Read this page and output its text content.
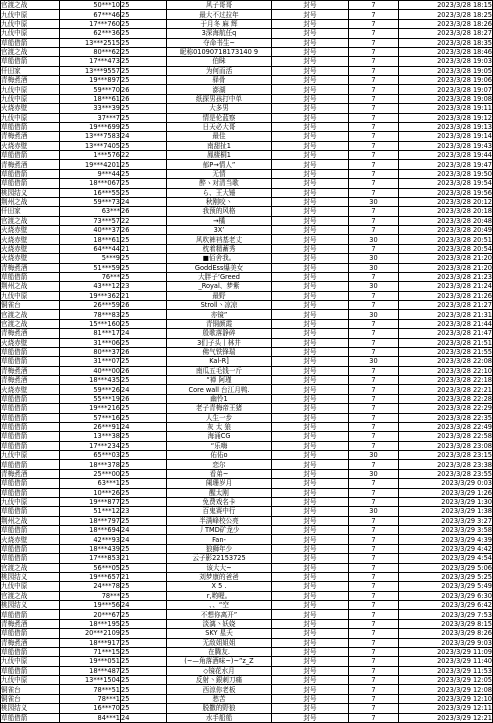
官渡之战	50***10	25	风子哥哥	封号	7	2023/3/28 18:15
九伐中原	67***46	25	最大不过拉年	封号	7	2023/3/28 18:25
九伐中原	17***760	25	于月冬 麻 辉	封号	7	2023/3/28 18:26
九伐中原	62***36	25	3深海航任q	封号	7	2023/3/28 18:27
草船借箭	13***2515	25	夺命书生~	封号	7	2023/3/28 18:35
官渡之战	80***62	25	昵称01090718173140 9	封号	7	2023/3/28 18:46
草船借箭	17***473	25	伯眛	封号	7	2023/3/28 19:03
仟田家	13***9557	25	为何而活	封号	7	2023/3/28 19:05
青梅煮酒	19***897	25	驿骨	封号	7	2023/3/28 19:06
九伐中原	59***70	26	澎湖	封号	7	2023/3/28 19:07
九伐中原	18***61	26	纸探男孩打中单	封号	7	2023/3/28 19:08
火烧赤壁	33***39	25	大多男	封号	7	2023/3/28 19:11
九伐中原	37***7	25	情是伦蓝察	封号	7	2023/3/28 19:12
草船借箭	19***699	25	日天必大哥	封号	7	2023/3/28 19:13
青梅煮酒	13***7583	24	最佳	封号	7	2023/3/28 19:14
火烧赤壁	13***7405	25	南甜扯1	封号	7	2023/3/28 19:43
草船借箭	1***576	22	鳳棲桐1	封号	7	2023/3/28 19:44
青梅煮酒	19***4201	25	郁P→情人”	封号	7	2023/3/28 19:47
草船借箭	9***44	25	无情	封号	7	2023/3/28 19:50
草船借箭	18***067	25	醉ヽ对清当歌	封号	7	2023/3/28 19:54
桃园结义	16***55	25	ら、王大锤	封号	7	2023/3/28 19:56
荆州之战	59***73	24	秋刚咬丶	封号	30	2023/3/28 20:12
仟田家	63***	26	我预的风格	封号	7	2023/3/28 20:18
官渡之战	73***57	22	→橘	封号	7	2023/3/28 20:48
火烧赤壁	40***37	26	3X’	封号	7	2023/3/28 20:49
火烧赤壁	18***61	25	风吹裤裆基老丈	封号	30	2023/3/28 20:51
火烧赤壁	64***44	21	枕着精蓄秀	封号	7	2023/3/28 20:54
火烧赤壁	5***9	25	■佰舍我。	封号	30	2023/3/28 21:20
青梅煮酒	51***59	25	GoddEss爆美女	封号	30	2023/3/28 21:20
草船借箭	76***	25	大胖子‘Greed	封号	7	2023/3/28 21:23
荆州之战	43***12	23	_Royal、梦紫	封号	30	2023/3/28 21:24
九伐中原	19***362	21	最野	封号	7	2023/3/28 21:26
铜雀台	26***59	26	Stroll丶凉凉	封号	7	2023/3/28 21:27
官渡之战	78***83	25	亦镜”	封号	30	2023/3/28 21:31
官渡之战	15***160	25	青铜颜霞	封号	7	2023/3/28 21:44
青梅煮酒	81***17	24	殷歌落静碎	封号	7	2023/3/28 21:47
火烧赤壁	31***06	25	3们子头丨林井	封号	7	2023/3/28 21:51
草船借箭	80***37	26	佛气铁锋瑞	封号	7	2023/3/28 21:55
草船借箭	31***07	25	Kal-R]	封号	30	2023/3/28 22:08
青梅煮酒	40***00	26	南瓜五毛钱一斤	封号	7	2023/3/28 22:10
青梅煮酒	18***435	25	“禅 阿瑾	封号	7	2023/3/28 22:18
火烧赤壁	59***26	24	Core wall 台江月鸭.	封号	7	2023/3/28 22:21
草船借箭	55***19	26	幽怜1	封号	7	2023/3/28 22:28
草船借箭	19***216	25	老子青梅帝王猪	封号	7	2023/3/28 22:29
草船借箭	57***16	25	人生一步	封号	7	2023/3/28 22:35
草船借箭	26***91	24	灰 太 狼	封号	7	2023/3/28 22:49
草船借箭	13***38	25	海涌CG	封号	7	2023/3/28 22:58
草船借箭	17***234	25	“乐嗨	封号	7	2023/3/28 23:08
九伐中原	65***03	25	佑佑o	封号	30	2023/3/28 23:15
草船借箭	18***378	25	恋尔	封号	7	2023/3/28 23:38
青梅煮酒	25***00	25	看弟~	封号	30	2023/3/28 23:55
草船借箭	63***1	25	阑珊岁月	封号	7	2023/3/29 0:03
草船借箭	10***26	25	醒太刚	封号	7	2023/3/29 1:26
九伐中原	19***877	25	免费戏名卡	封号	7	2023/3/29 1:30
草船借箭	51***12	23	百鬼赛中行	封号	30	2023/3/29 1:38
荆州之战	18***797	25	半满峰校公亮	封号	7	2023/3/29 3:27
草船借箭	18***694	24	丿TMD矿龙少	封号	7	2023/3/29 3:58
火烧赤壁	42***93	24	Fan-	封号	7	2023/3/29 4:39
草船借箭	18***439	25	狼狮年少	封号	7	2023/3/29 4:42
草船借箭	17***853	21	云子影22153725	封号	7	2023/3/29 4:54
官渡之战	56***05	25	该大大~	封号	7	2023/3/29 5:06
桃园结义	19***657	21	刘梦康的爸爸	封号	7	2023/3/29 5:25
九伐中原	24***78	25	X 5 .	封号	7	2023/3/29 5:49
官渡之战	78***	25	r,哟喔。	封号	7	2023/3/29 6:30
桃园结义	19***56	24	、、“空	封号	7	2023/3/29 6:42
草船借箭	20***67	25	不想你离开”	封号	7	2023/3/29 7:53
青梅煮酒	18***195	25	淡漓丶妖娆	封号	7	2023/3/29 8:15
草船借箭	20***2109	25	SKY 星夭	封号	7	2023/3/29 8:26
青梅煮酒	18***917	25	无敌姐姐姐	封号	7	2023/3/29 9:03
草船借箭	71***15	25	在腾友.	封号	7	2023/3/29 11:09
九伐中原	19***051	25	(~—角落酒味~)~”z_Z	封号	7	2023/3/29 11:40
草船借箭	18***487	25	◇镜花水月	封号	7	2023/3/29 11:53
九伐中原	13***1504	25	反射丶銀刺刀痛	封号	7	2023/3/29 12:05
铜雀台	78***51	25	西涼你老板	封号	7	2023/3/29 12:08
铜雀台	78***1	25	愁苦	封号	7	2023/3/29 12:10
桃园结义	16***70	25	脱撒的野狼	封号	7	2023/3/29 12:11
草船借箭	84***1	24	水手船船	封号	7	2023/3/29 12:21
